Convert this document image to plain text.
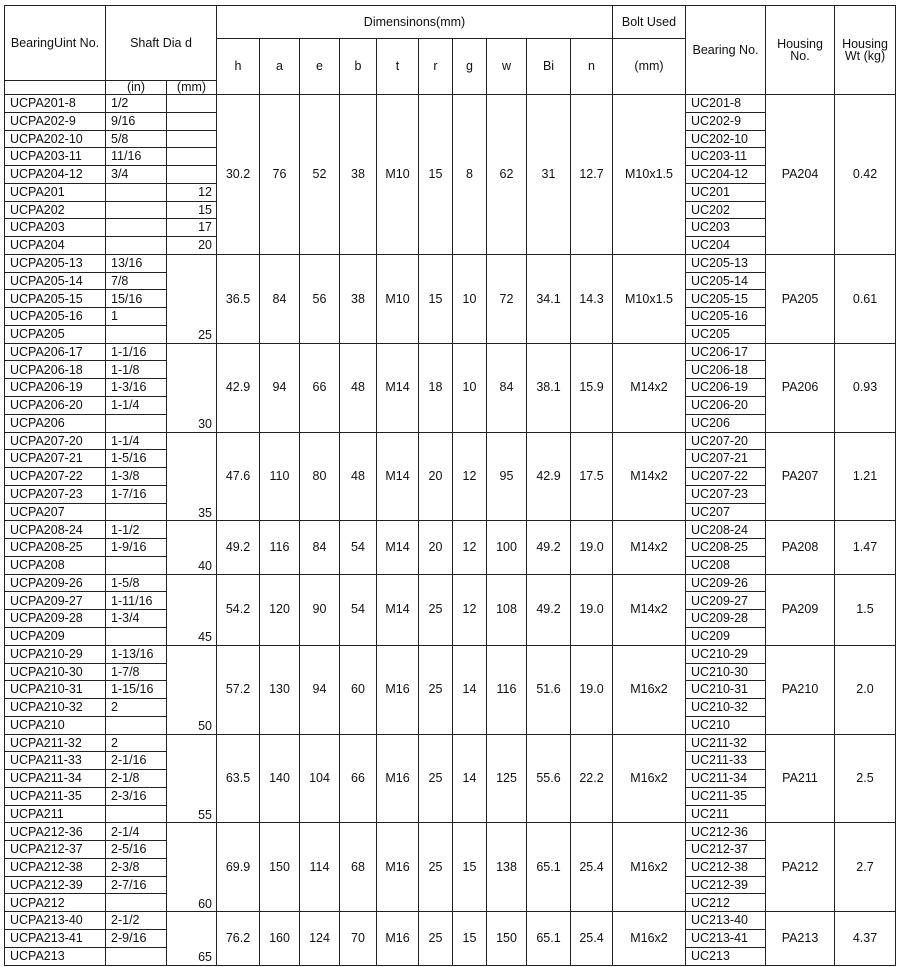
BearingUint No.	Shaft Dia d		Dimensinons(mm)										Bolt Used	Bearing No.	Housing No.	Housing Wt (kg)
			h	a	e	b	t	r	g	w	Bi	n	(mm)			
	(in)	(mm)														
UCPA201-8	1/2		30.2	76	52	38	M10	15	8	62	31	12.7	M10x1.5	UC201-8	PA204	0.42
UCPA202-9	9/16													UC202-9		
UCPA202-10	5/8													UC202-10		
UCPA203-11	11/16													UC203-11		
UCPA204-12	3/4													UC204-12		
UCPA201		12												UC201		
UCPA202		15												UC202		
UCPA203		17												UC203		
UCPA204		20												UC204		
UCPA205-13	13/16	25	36.5	84	56	38	M10	15	10	72	34.1	14.3	M10x1.5	UC205-13	PA205	0.61
UCPA205-14	7/8													UC205-14		
UCPA205-15	15/16													UC205-15		
UCPA205-16	1													UC205-16		
UCPA205														UC205		
UCPA206-17	1-1/16	30	42.9	94	66	48	M14	18	10	84	38.1	15.9	M14x2	UC206-17	PA206	0.93
UCPA206-18	1-1/8													UC206-18		
UCPA206-19	1-3/16													UC206-19		
UCPA206-20	1-1/4													UC206-20		
UCPA206														UC206		
UCPA207-20	1-1/4	35	47.6	110	80	48	M14	20	12	95	42.9	17.5	M14x2	UC207-20	PA207	1.21
UCPA207-21	1-5/16													UC207-21		
UCPA207-22	1-3/8													UC207-22		
UCPA207-23	1-7/16													UC207-23		
UCPA207														UC207		
UCPA208-24	1-1/2	40	49.2	116	84	54	M14	20	12	100	49.2	19.0	M14x2	UC208-24	PA208	1.47
UCPA208-25	1-9/16													UC208-25		
UCPA208														UC208		
UCPA209-26	1-5/8	45	54.2	120	90	54	M14	25	12	108	49.2	19.0	M14x2	UC209-26	PA209	1.5
UCPA209-27	1-11/16													UC209-27		
UCPA209-28	1-3/4													UC209-28		
UCPA209														UC209		
UCPA210-29	1-13/16	50	57.2	130	94	60	M16	25	14	116	51.6	19.0	M16x2	UC210-29	PA210	2.0
UCPA210-30	1-7/8													UC210-30		
UCPA210-31	1-15/16													UC210-31		
UCPA210-32	2													UC210-32		
UCPA210														UC210		
UCPA211-32	2	55	63.5	140	104	66	M16	25	14	125	55.6	22.2	M16x2	UC211-32	PA211	2.5
UCPA211-33	2-1/16													UC211-33		
UCPA211-34	2-1/8													UC211-34		
UCPA211-35	2-3/16													UC211-35		
UCPA211														UC211		
UCPA212-36	2-1/4	60	69.9	150	114	68	M16	25	15	138	65.1	25.4	M16x2	UC212-36	PA212	2.7
UCPA212-37	2-5/16													UC212-37		
UCPA212-38	2-3/8													UC212-38		
UCPA212-39	2-7/16													UC212-39		
UCPA212														UC212		
UCPA213-40	2-1/2	65	76.2	160	124	70	M16	25	15	150	65.1	25.4	M16x2	UC213-40	PA213	4.37
UCPA213-41	2-9/16													UC213-41		
UCPA213														UC213		
